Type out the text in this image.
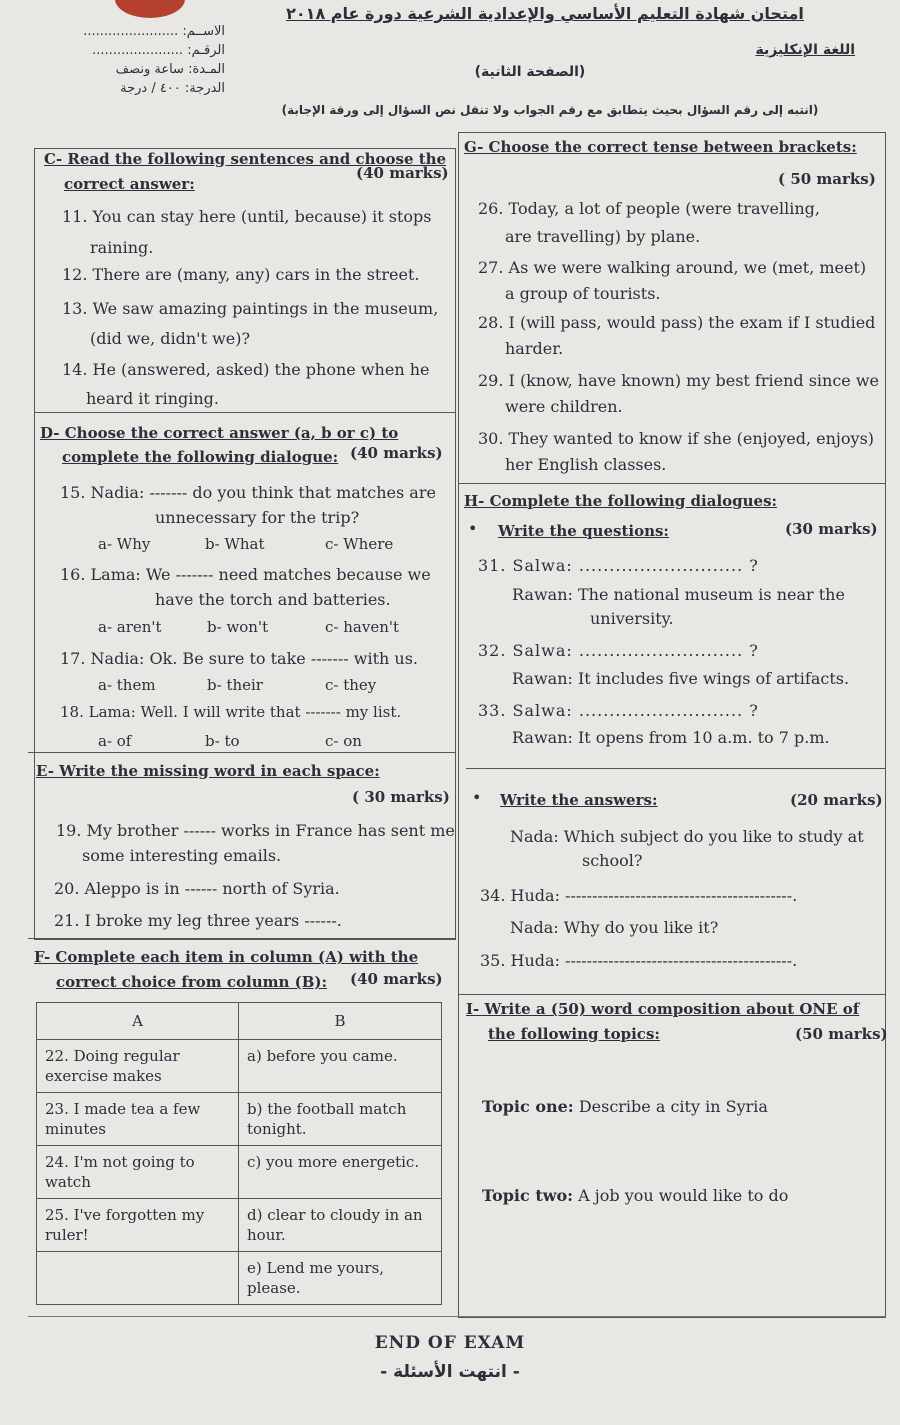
الاســم: .......................
الرقـم: ......................
المـدة: ساعة ونصف
الدرجة: ٤٠٠ / درجة
امتحان شهادة التعليم الأساسي والإعدادية الشرعية دورة عام ٢٠١٨
اللغة الإنكليزية
(الصفحة الثانية)
(انتبه إلى رقم السؤال بحيث يتطابق مع رقم الجواب ولا تنقل نص السؤال إلى ورقة الإجابة)
C- Read the following sentences and choose the
correct answer:
(40 marks)
11. You can stay here (until, because) it stops
raining.
12. There are (many, any) cars in the street.
13. We saw amazing paintings in the museum,
(did we, didn't we)?
14. He (answered, asked) the phone when he
heard it ringing.
D- Choose the correct answer (a, b or c) to
complete the following dialogue: (40 marks)
15. Nadia: ------- do you think that matches are
unnecessary for the trip?
a- Why	b- What	c- Where
16. Lama: We ------- need matches because we
have the torch and batteries.
a- aren't	b- won't	c- haven't
17. Nadia: Ok. Be sure to take ------- with us.
a- them	b- their	c- they
18. Lama: Well. I will write that ------- my list.
a- of	b- to	c- on
E- Write the missing word in each space:
( 30 marks)
19. My brother ------ works in France has sent me
some interesting emails.
20. Aleppo is in ------ north of Syria.
21. I broke my leg three years ------.
F- Complete each item in column (A) with the
correct choice from column (B): (40 marks)
A	B
22. Doing regular exercise makes	a) before you came.
23. I made tea a few minutes	b) the football match tonight.
24. I'm not going to watch	c) you more energetic.
25. I've forgotten my ruler!	d) clear to cloudy in an hour.
	e) Lend me yours, please.
G- Choose the correct tense between brackets:
( 50 marks)
26. Today, a lot of people (were travelling,
are travelling) by plane.
27. As we were walking around, we (met, meet)
a group of tourists.
28. I (will pass, would pass) the exam if I studied
harder.
29. I (know, have known) my best friend since we
were children.
30. They wanted to know if she (enjoyed, enjoys)
her English classes.
H- Complete the following dialogues:
• Write the questions:	(30 marks)
31. Salwa: ........................... ?
Rawan: The national museum is near the
university.
32. Salwa: ........................... ?
Rawan: It includes five wings of artifacts.
33. Salwa: ........................... ?
Rawan: It opens from 10 a.m. to 7 p.m.
• Write the answers:	(20 marks)
Nada: Which subject do you like to study at
school?
34. Huda: ------------------------------------------.
Nada: Why do you like it?
35. Huda: ------------------------------------------.
I- Write a (50) word composition about ONE of
the following topics:	(50 marks)
Topic one: Describe a city in Syria
Topic two: A job you would like to do
END OF EXAM
- انتهت الأسئلة -
